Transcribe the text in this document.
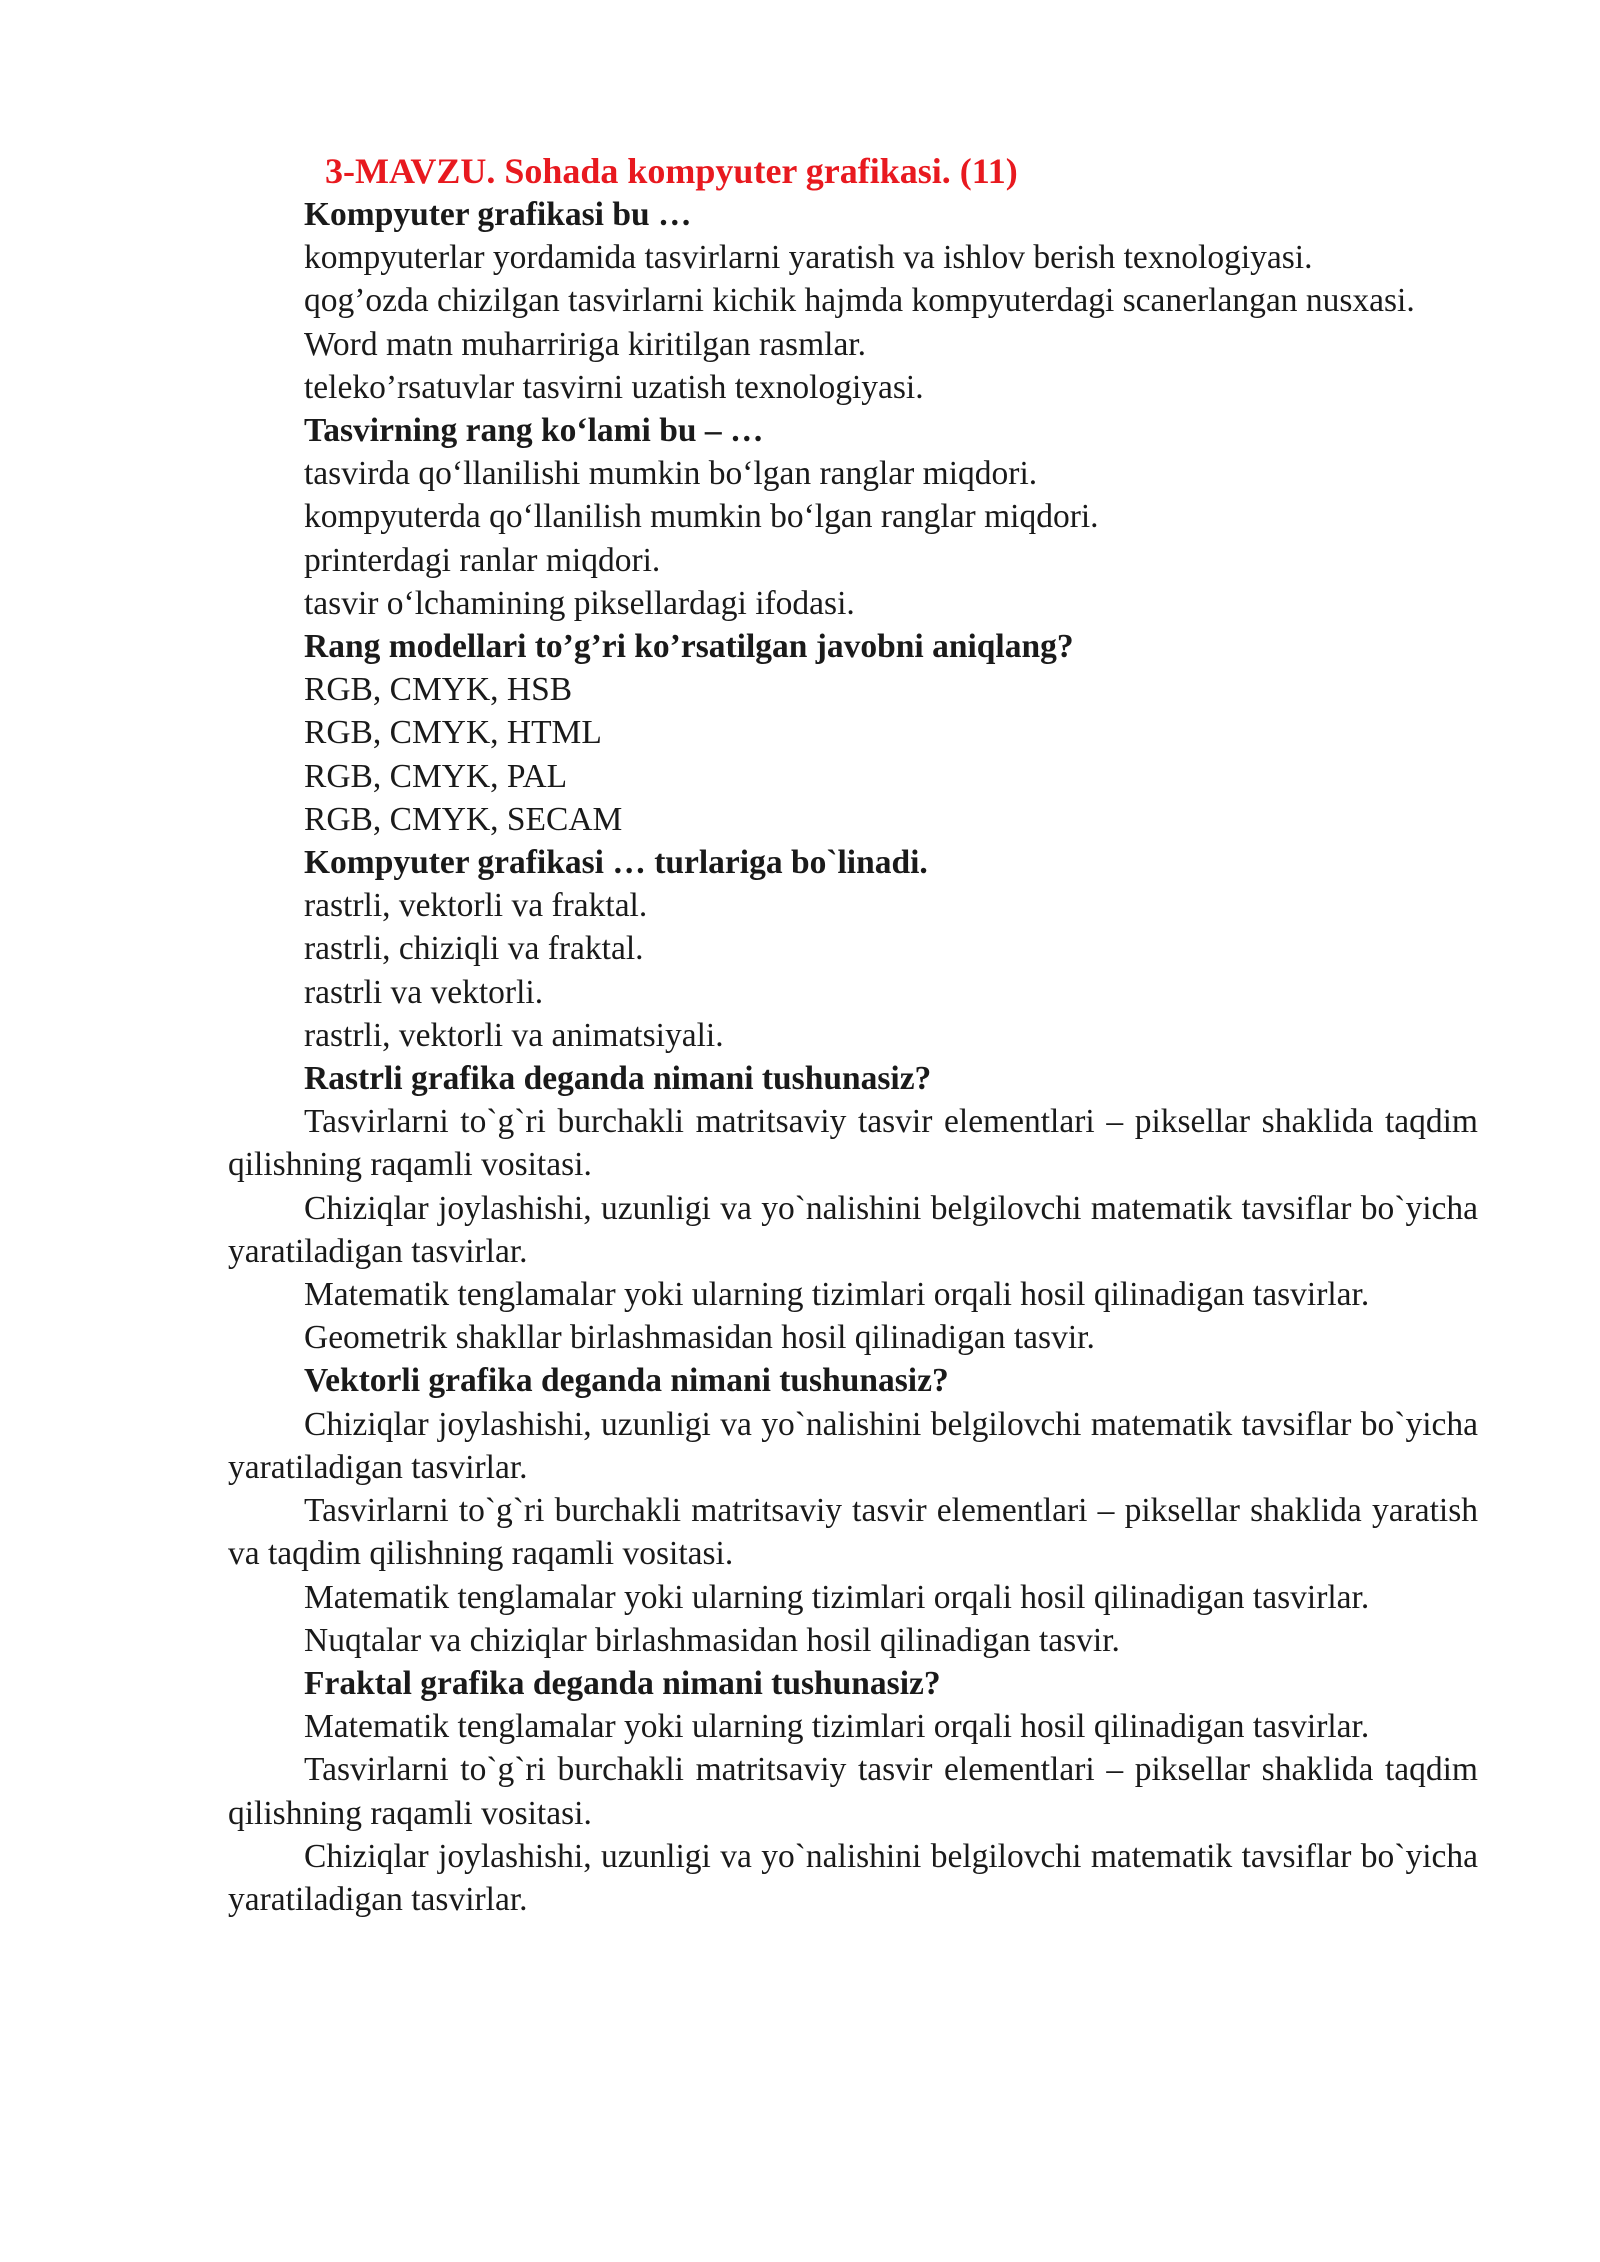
3-MAVZU. Sohada kompyuter grafikasi. (11)

Kompyuter grafikasi bu …

kompyuterlar yordamida tasvirlarni yaratish va ishlov berish texnologiyasi.

qog’ozda chizilgan tasvirlarni kichik hajmda kompyuterdagi scanerlangan nusxasi.

Word matn muharririga kiritilgan rasmlar.

teleko’rsatuvlar tasvirni uzatish texnologiyasi.

Tasvirning rang ko‘lami bu – …

tasvirda qo‘llanilishi mumkin bo‘lgan ranglar miqdori.

kompyuterda qo‘llanilish mumkin bo‘lgan ranglar miqdori.

printerdagi ranlar miqdori.

tasvir o‘lchamining piksellardagi ifodasi.

Rang modellari to’g’ri ko’rsatilgan javobni aniqlang?

RGB, CMYK, HSB

RGB, CMYK, HTML

RGB, CMYK, PAL

RGB, CMYK, SECAM

Kompyuter grafikasi … turlariga bo`linadi.

rastrli, vektorli va fraktal.

rastrli, chiziqli va fraktal.

rastrli va vektorli.

rastrli, vektorli va animatsiyali.

Rastrli grafika deganda nimani tushunasiz?

Tasvirlarni to`g`ri burchakli matritsaviy tasvir elementlari – piksellar shaklida taqdim qilishning raqamli vositasi.

Chiziqlar joylashishi, uzunligi va yo`nalishini belgilovchi matematik tavsiflar bo`yicha yaratiladigan tasvirlar.

Matematik tenglamalar yoki ularning tizimlari orqali hosil qilinadigan tasvirlar.

Geometrik shakllar birlashmasidan hosil qilinadigan tasvir.

Vektorli grafika deganda nimani tushunasiz?

Chiziqlar joylashishi, uzunligi va yo`nalishini belgilovchi matematik tavsiflar bo`yicha yaratiladigan tasvirlar.

Tasvirlarni to`g`ri burchakli matritsaviy tasvir elementlari – piksellar shaklida yaratish va taqdim qilishning raqamli vositasi.

Matematik tenglamalar yoki ularning tizimlari orqali hosil qilinadigan tasvirlar.

Nuqtalar va chiziqlar birlashmasidan hosil qilinadigan tasvir.

Fraktal grafika deganda nimani tushunasiz?

Matematik tenglamalar yoki ularning tizimlari orqali hosil qilinadigan tasvirlar.

Tasvirlarni to`g`ri burchakli matritsaviy tasvir elementlari – piksellar shaklida taqdim qilishning raqamli vositasi.

Chiziqlar joylashishi, uzunligi va yo`nalishini belgilovchi matematik tavsiflar bo`yicha yaratiladigan tasvirlar.
